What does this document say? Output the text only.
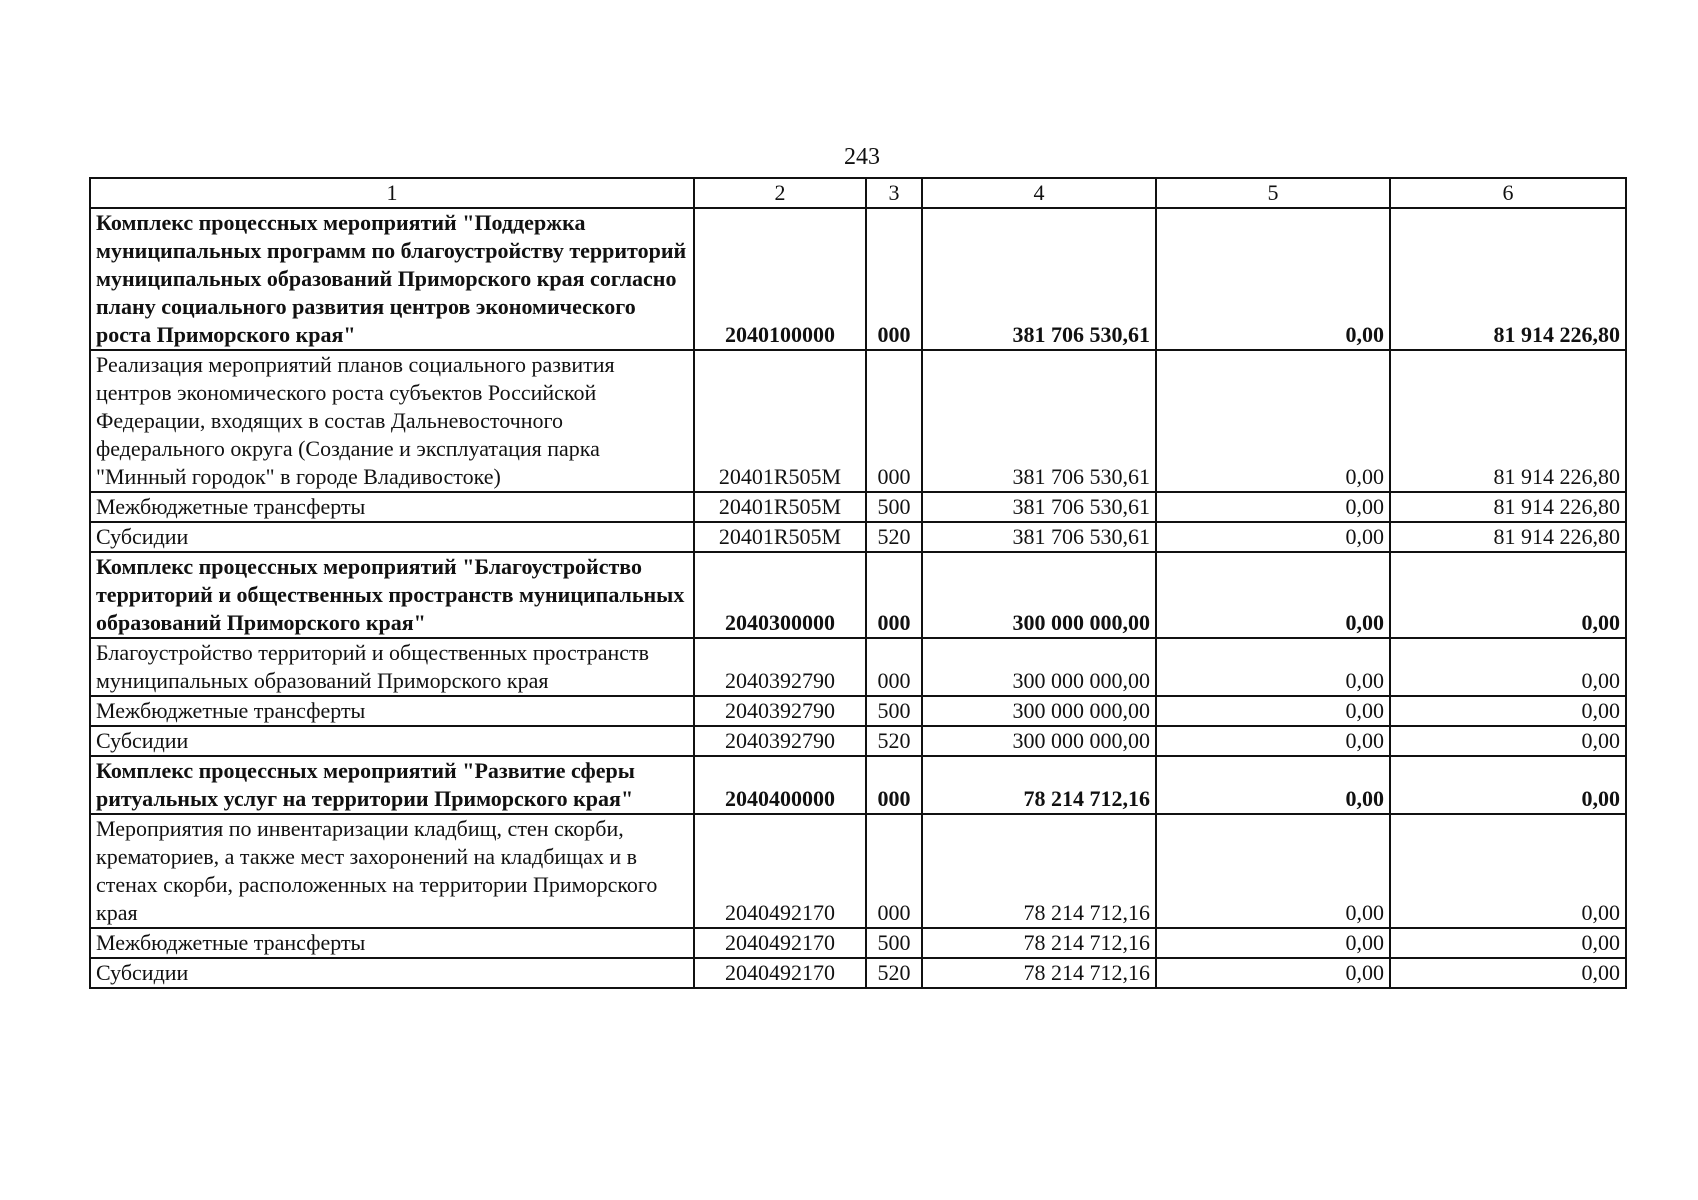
243
1	2	3	4	5	6
Комплекс процессных мероприятий "Поддержка муниципальных программ по благоустройству территорий муниципальных образований Приморского края согласно плану социального развития центров экономического роста Приморского края"	2040100000	000	381 706 530,61	0,00	81 914 226,80
Реализация мероприятий планов социального развития центров экономического роста субъектов Российской Федерации, входящих в состав Дальневосточного федерального округа (Создание и эксплуатация парка "Минный городок" в городе Владивостоке)	20401R505M	000	381 706 530,61	0,00	81 914 226,80
Межбюджетные трансферты	20401R505M	500	381 706 530,61	0,00	81 914 226,80
Субсидии	20401R505M	520	381 706 530,61	0,00	81 914 226,80
Комплекс процессных мероприятий "Благоустройство территорий и общественных пространств муниципальных образований Приморского края"	2040300000	000	300 000 000,00	0,00	0,00
Благоустройство территорий и общественных пространств муниципальных образований Приморского края	2040392790	000	300 000 000,00	0,00	0,00
Межбюджетные трансферты	2040392790	500	300 000 000,00	0,00	0,00
Субсидии	2040392790	520	300 000 000,00	0,00	0,00
Комплекс процессных мероприятий "Развитие сферы ритуальных услуг на территории Приморского края"	2040400000	000	78 214 712,16	0,00	0,00
Мероприятия по инвентаризации кладбищ, стен скорби, крематориев, а также мест захоронений на кладбищах и в стенах скорби, расположенных на территории Приморского края	2040492170	000	78 214 712,16	0,00	0,00
Межбюджетные трансферты	2040492170	500	78 214 712,16	0,00	0,00
Субсидии	2040492170	520	78 214 712,16	0,00	0,00
